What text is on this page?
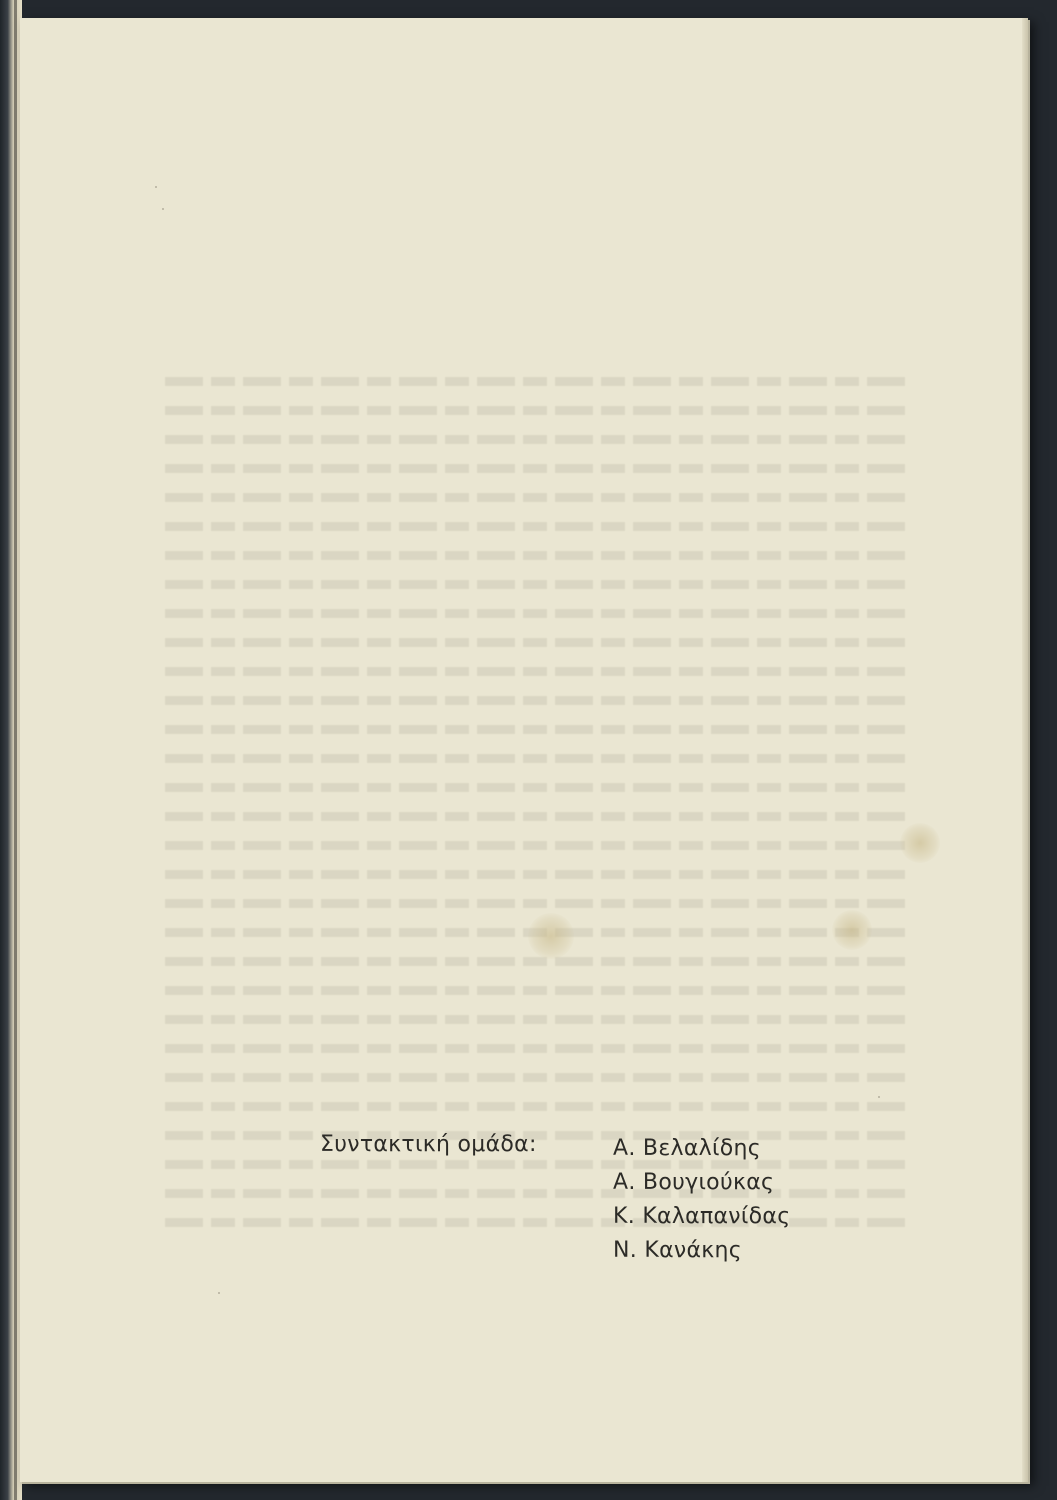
Συντακτική ομάδα:	Α. Βελαλίδης
Α. Βουγιούκας
Κ. Καλαπανίδας
Ν. Κανάκης
